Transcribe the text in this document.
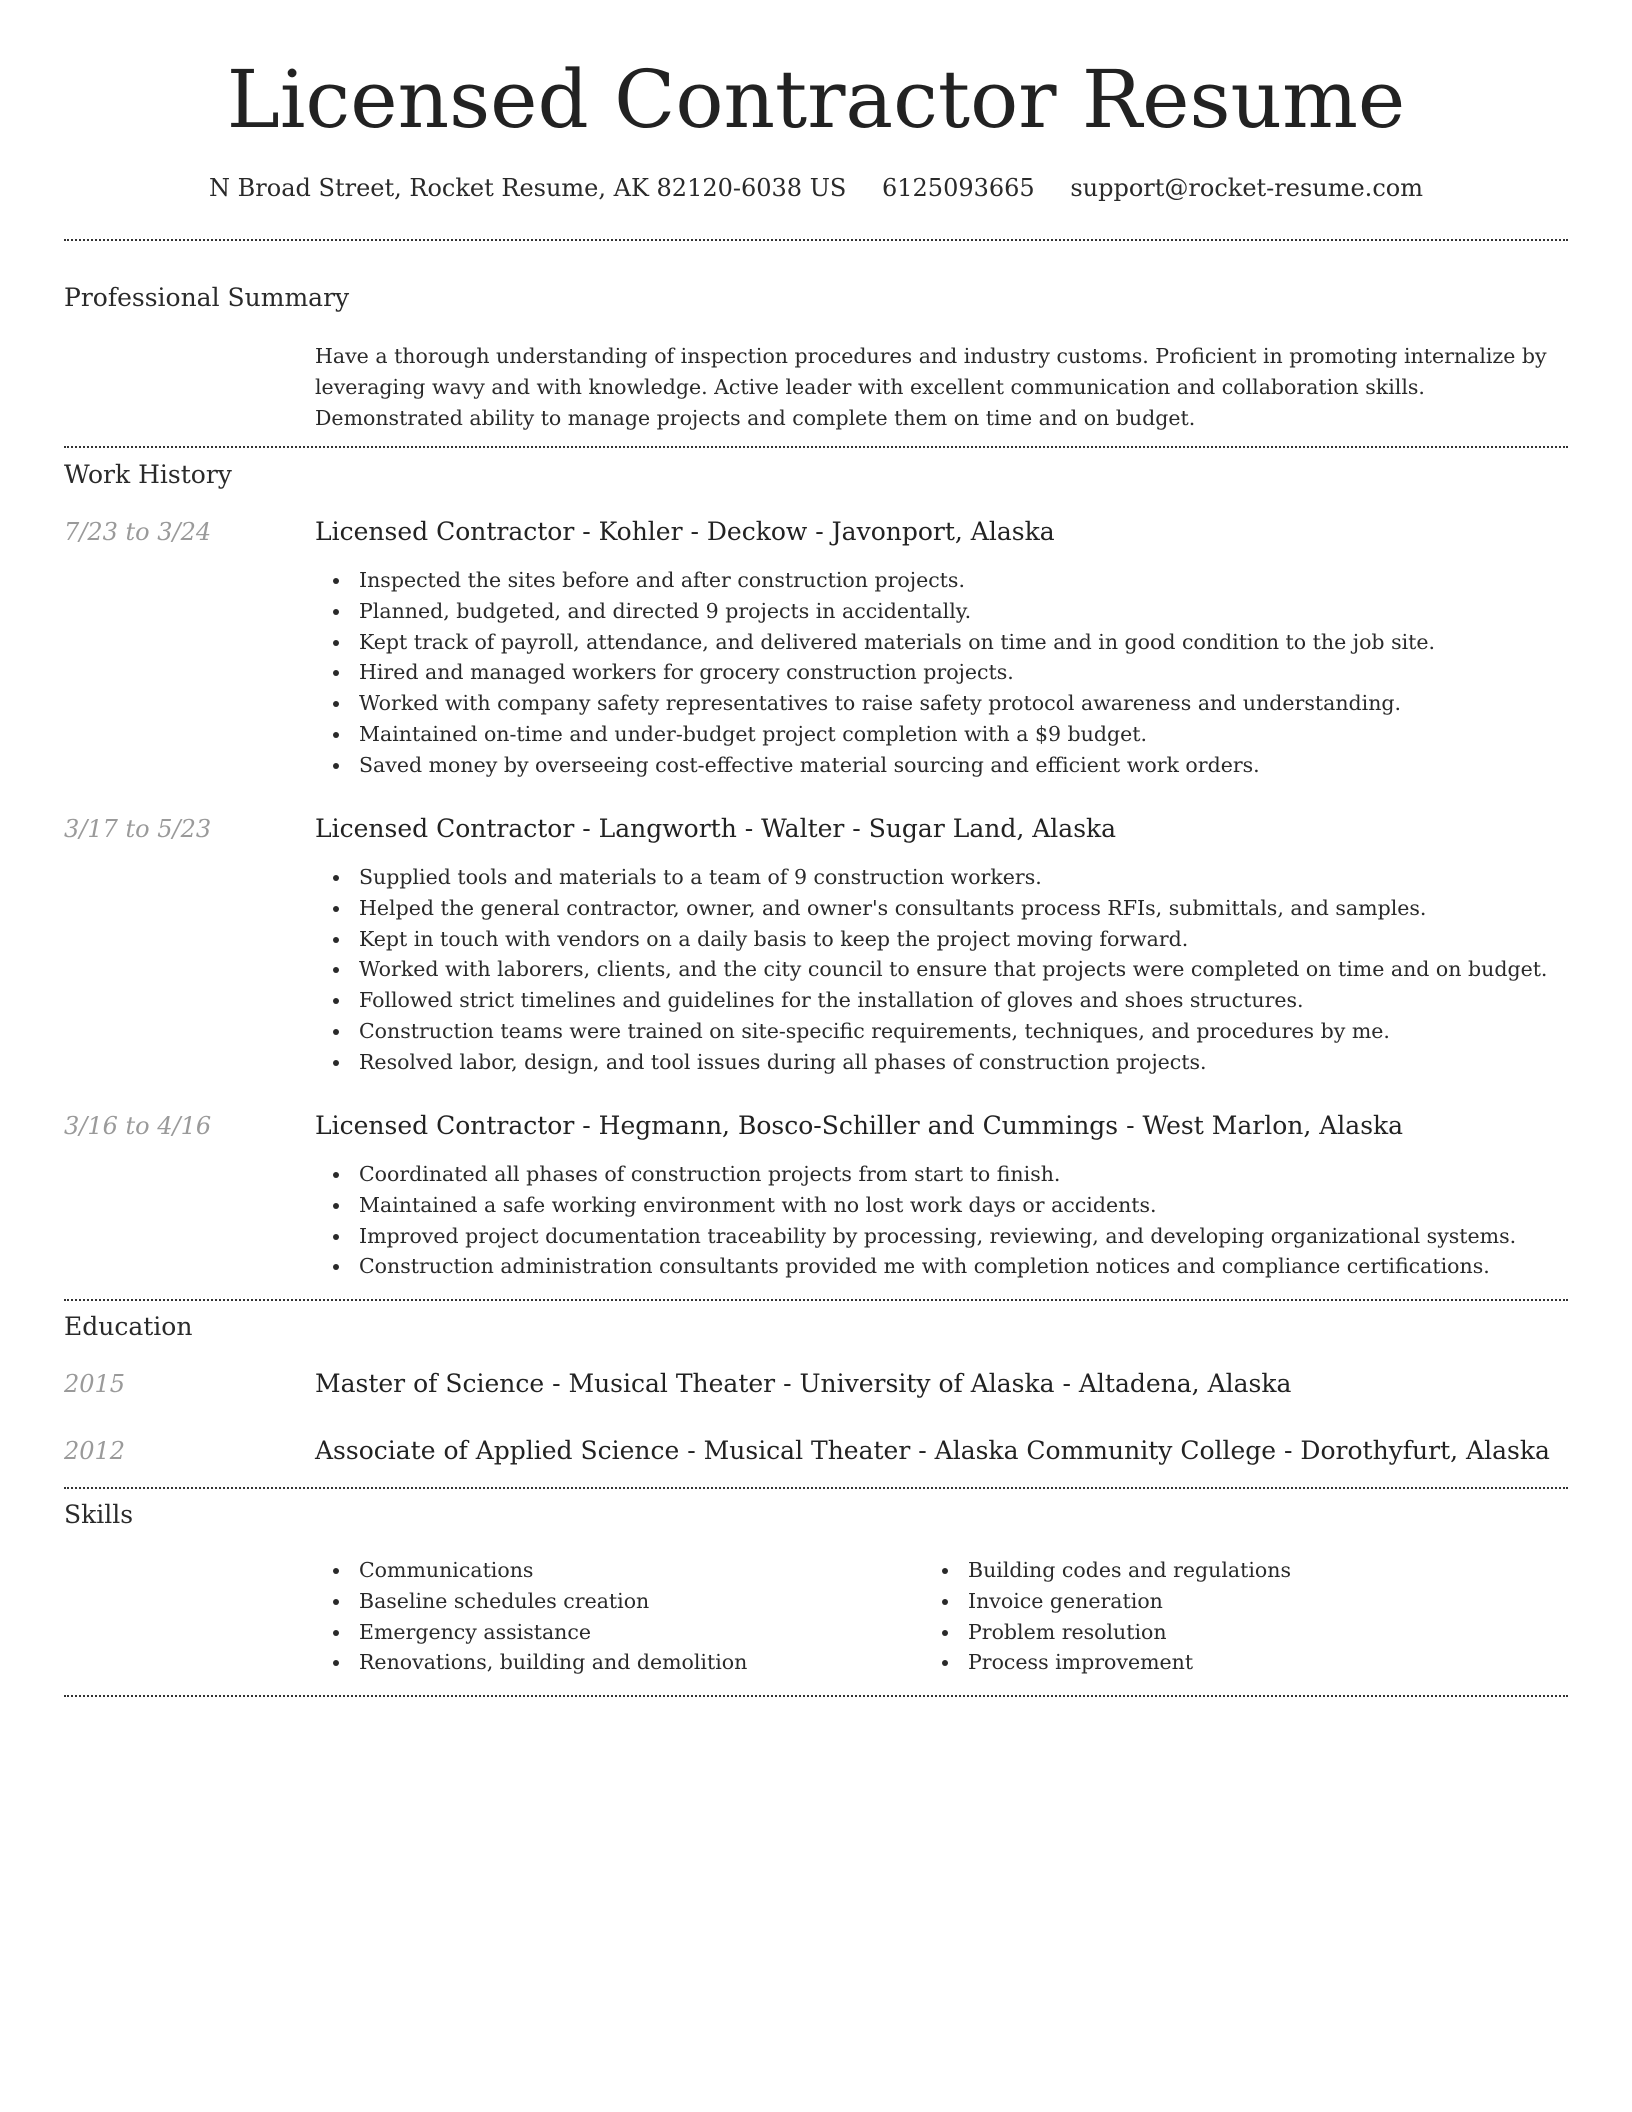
Licensed Contractor Resume
N Broad Street, Rocket Resume, AK 82120-6038 US 6125093665 support@rocket-resume.com
Professional Summary
Have a thorough understanding of inspection procedures and industry customs. Proficient in promoting internalize by leveraging wavy and with knowledge. Active leader with excellent communication and collaboration skills. Demonstrated ability to manage projects and complete them on time and on budget.
Work History
7/23 to 3/24	Licensed Contractor - Kohler - Deckow - Javonport, Alaska
Inspected the sites before and after construction projects.
Planned, budgeted, and directed 9 projects in accidentally.
Kept track of payroll, attendance, and delivered materials on time and in good condition to the job site.
Hired and managed workers for grocery construction projects.
Worked with company safety representatives to raise safety protocol awareness and understanding.
Maintained on-time and under-budget project completion with a $9 budget.
Saved money by overseeing cost-effective material sourcing and efficient work orders.
3/17 to 5/23	Licensed Contractor - Langworth - Walter - Sugar Land, Alaska
Supplied tools and materials to a team of 9 construction workers.
Helped the general contractor, owner, and owner's consultants process RFIs, submittals, and samples.
Kept in touch with vendors on a daily basis to keep the project moving forward.
Worked with laborers, clients, and the city council to ensure that projects were completed on time and on budget.
Followed strict timelines and guidelines for the installation of gloves and shoes structures.
Construction teams were trained on site-specific requirements, techniques, and procedures by me.
Resolved labor, design, and tool issues during all phases of construction projects.
3/16 to 4/16	Licensed Contractor - Hegmann, Bosco-Schiller and Cummings - West Marlon, Alaska
Coordinated all phases of construction projects from start to finish.
Maintained a safe working environment with no lost work days or accidents.
Improved project documentation traceability by processing, reviewing, and developing organizational systems.
Construction administration consultants provided me with completion notices and compliance certifications.
Education
2015	Master of Science - Musical Theater - University of Alaska - Altadena, Alaska
2012	Associate of Applied Science - Musical Theater - Alaska Community College - Dorothyfurt, Alaska
Skills
Communications
Baseline schedules creation
Emergency assistance
Renovations, building and demolition
Building codes and regulations
Invoice generation
Problem resolution
Process improvement
